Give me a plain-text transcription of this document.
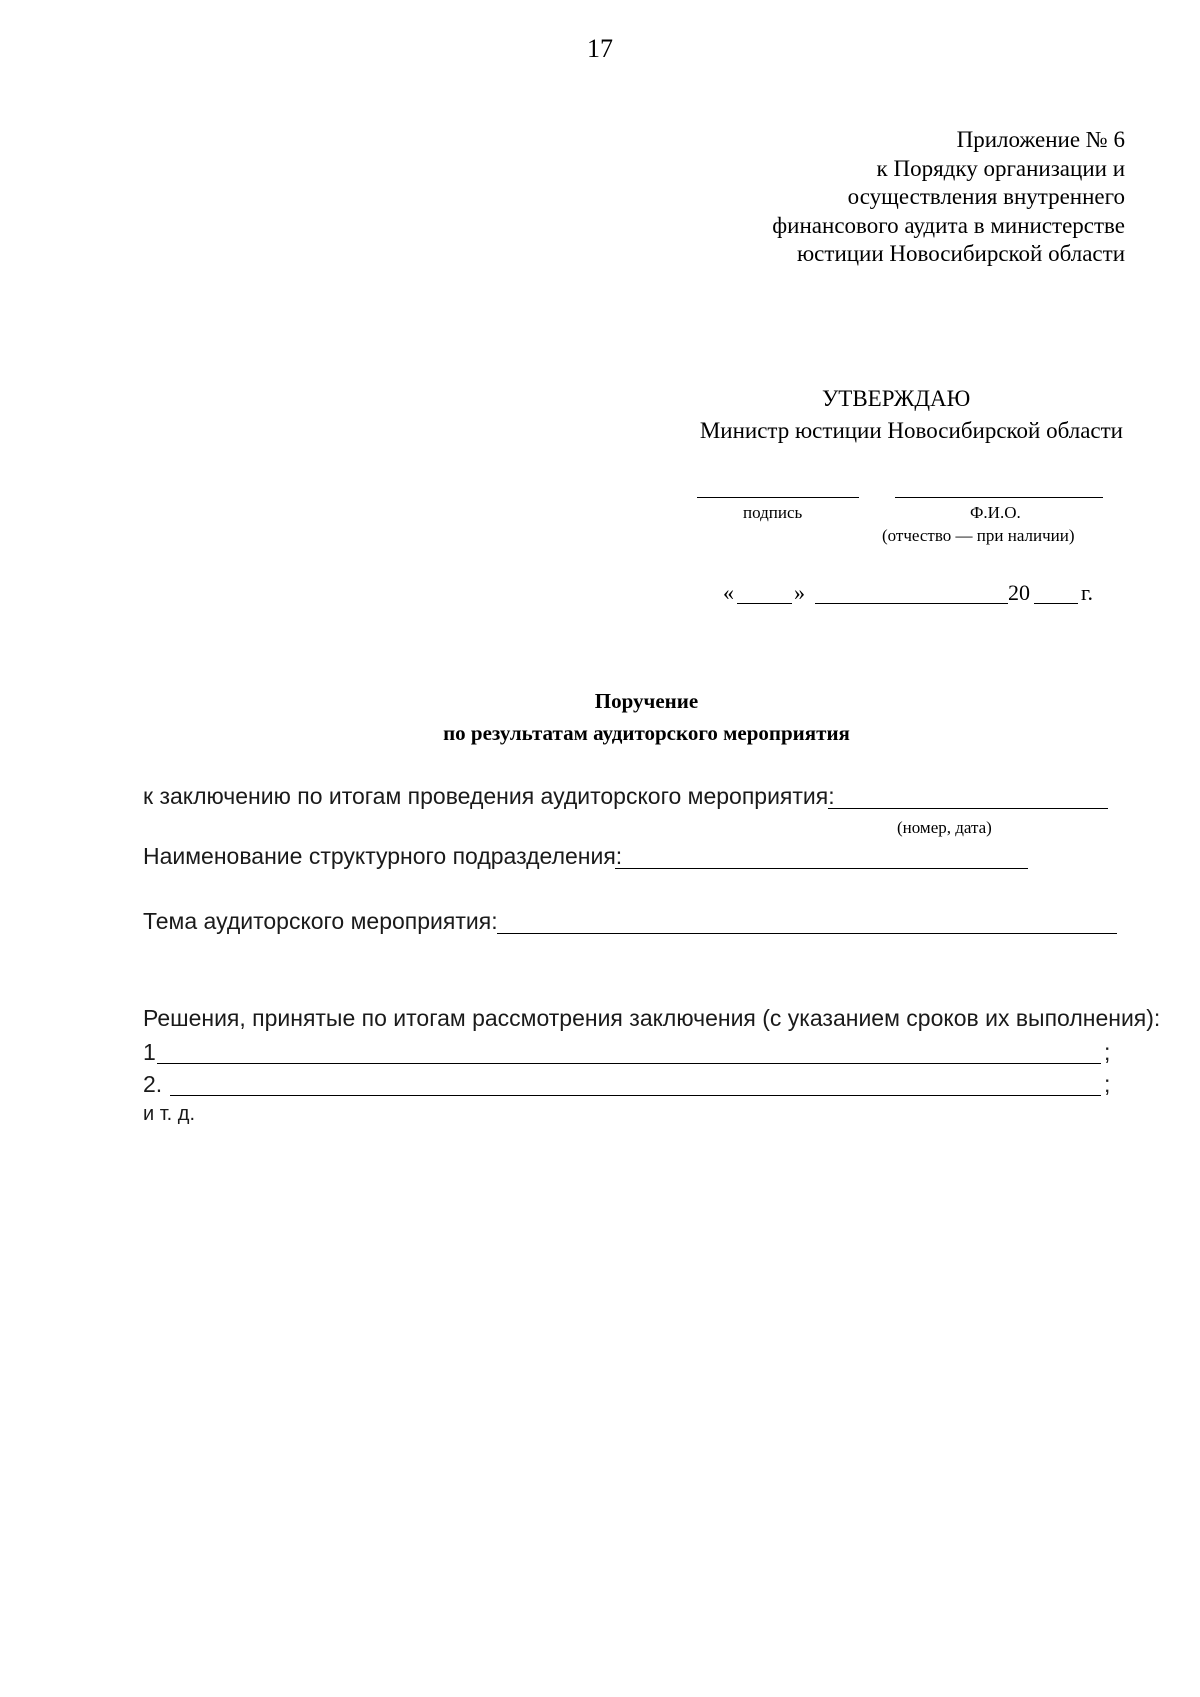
17
Приложение № 6
к Порядку организации и
осуществления внутреннего
финансового аудита в министерстве
юстиции Новосибирской области
УТВЕРЖДАЮ
Министр юстиции Новосибирской области
подпись	Ф.И.О.
(отчество — при наличии)
«	»	20 г.
Поручение
по результатам аудиторского мероприятия
к заключению по итогам проведения аудиторского мероприятия:
(номер, дата)
Наименование структурного подразделения:
Тема аудиторского мероприятия:
Решения, принятые по итогам рассмотрения заключения (с указанием сроков их выполнения):
1	;
2.	;
и т. д.
